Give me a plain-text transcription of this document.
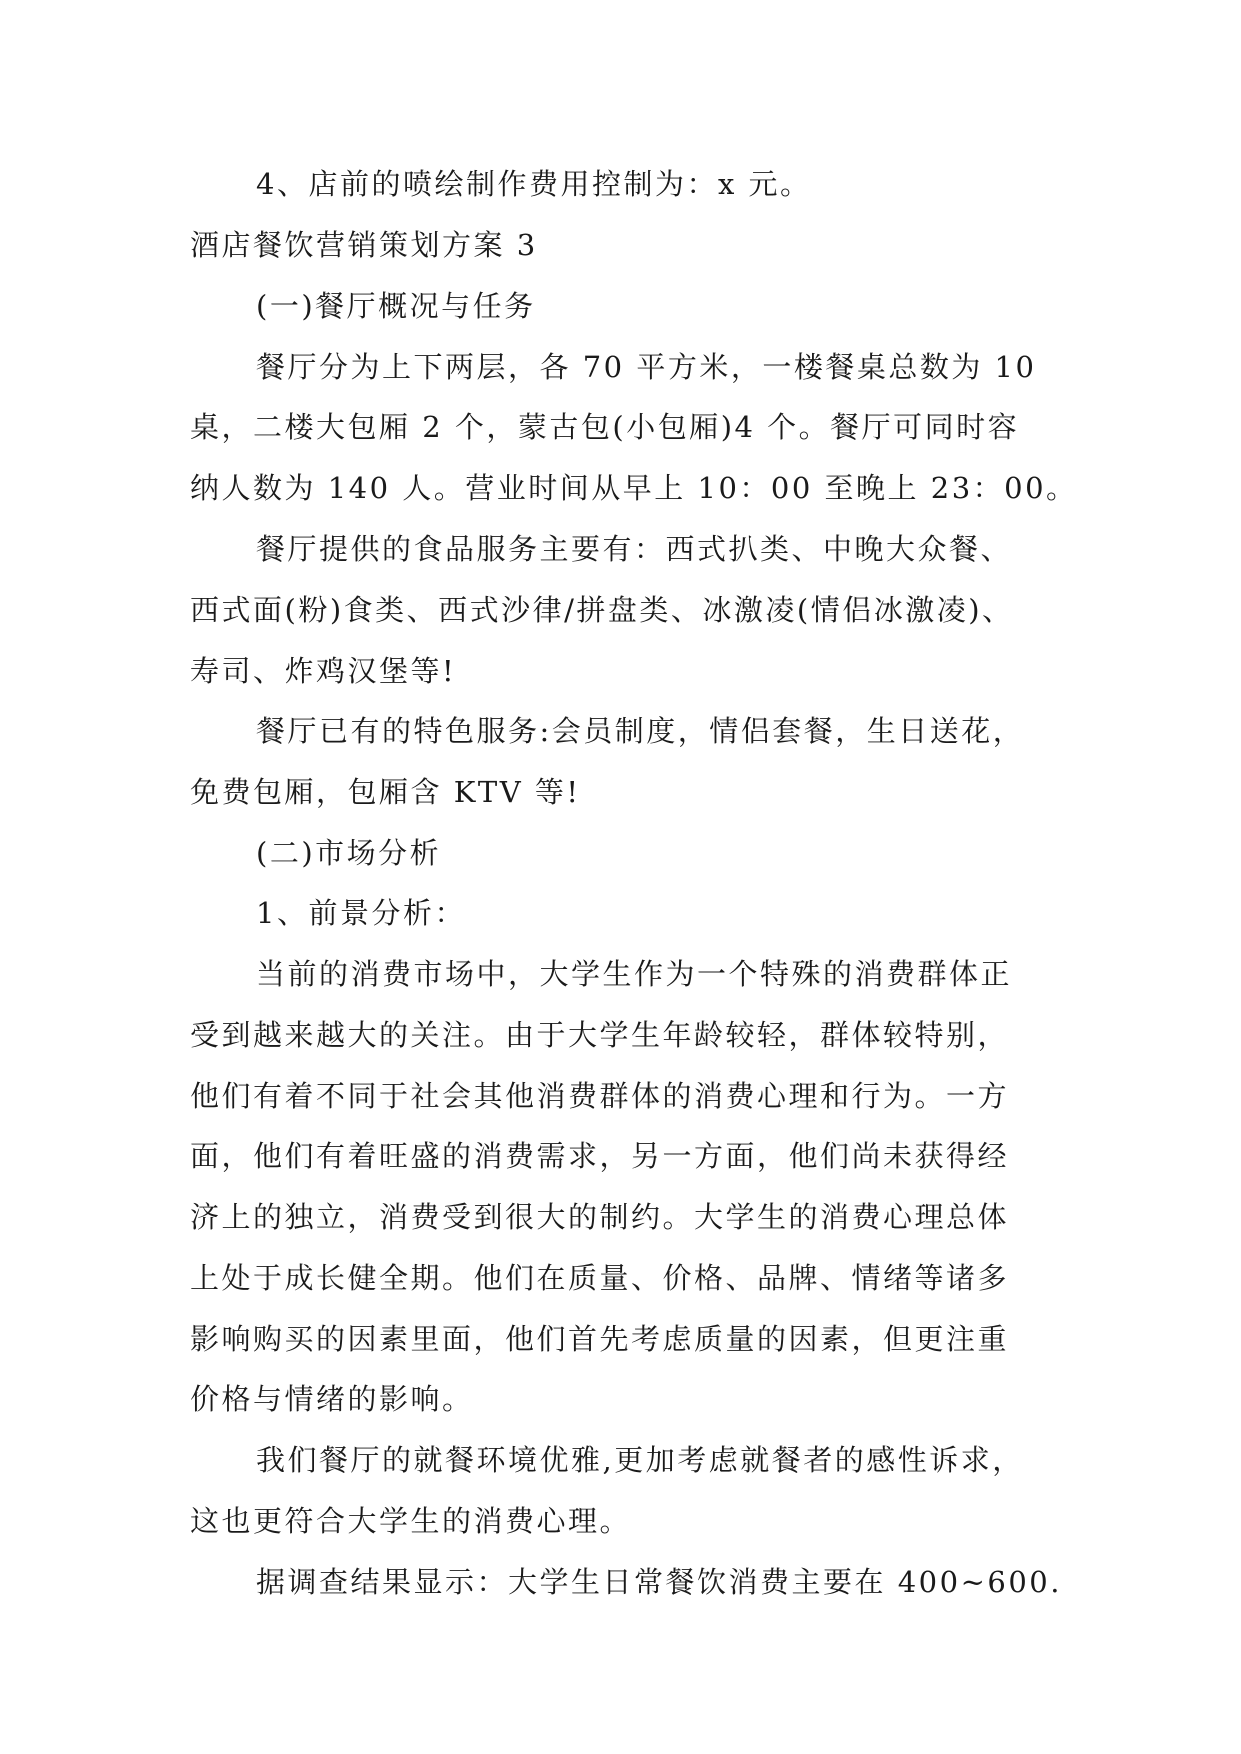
4、店前的喷绘制作费用控制为：x 元。
酒店餐饮营销策划方案 3
(一)餐厅概况与任务
餐厅分为上下两层，各 70 平方米，一楼餐桌总数为 10
桌，二楼大包厢 2 个，蒙古包(小包厢)4 个。餐厅可同时容
纳人数为 140 人。营业时间从早上 10：00 至晚上 23：00。
餐厅提供的食品服务主要有：西式扒类、中晚大众餐、
西式面(粉)食类、西式沙律/拼盘类、冰激凌(情侣冰激凌)、
寿司、炸鸡汉堡等!
餐厅已有的特色服务:会员制度，情侣套餐，生日送花，
免费包厢，包厢含 KTV 等!
(二)市场分析
1、前景分析：
当前的消费市场中，大学生作为一个特殊的消费群体正
受到越来越大的关注。由于大学生年龄较轻，群体较特别，
他们有着不同于社会其他消费群体的消费心理和行为。一方
面，他们有着旺盛的消费需求，另一方面，他们尚未获得经
济上的独立，消费受到很大的制约。大学生的消费心理总体
上处于成长健全期。他们在质量、价格、品牌、情绪等诸多
影响购买的因素里面，他们首先考虑质量的因素，但更注重
价格与情绪的影响。
我们餐厅的就餐环境优雅,更加考虑就餐者的感性诉求，
这也更符合大学生的消费心理。
据调查结果显示：大学生日常餐饮消费主要在 400~600.
